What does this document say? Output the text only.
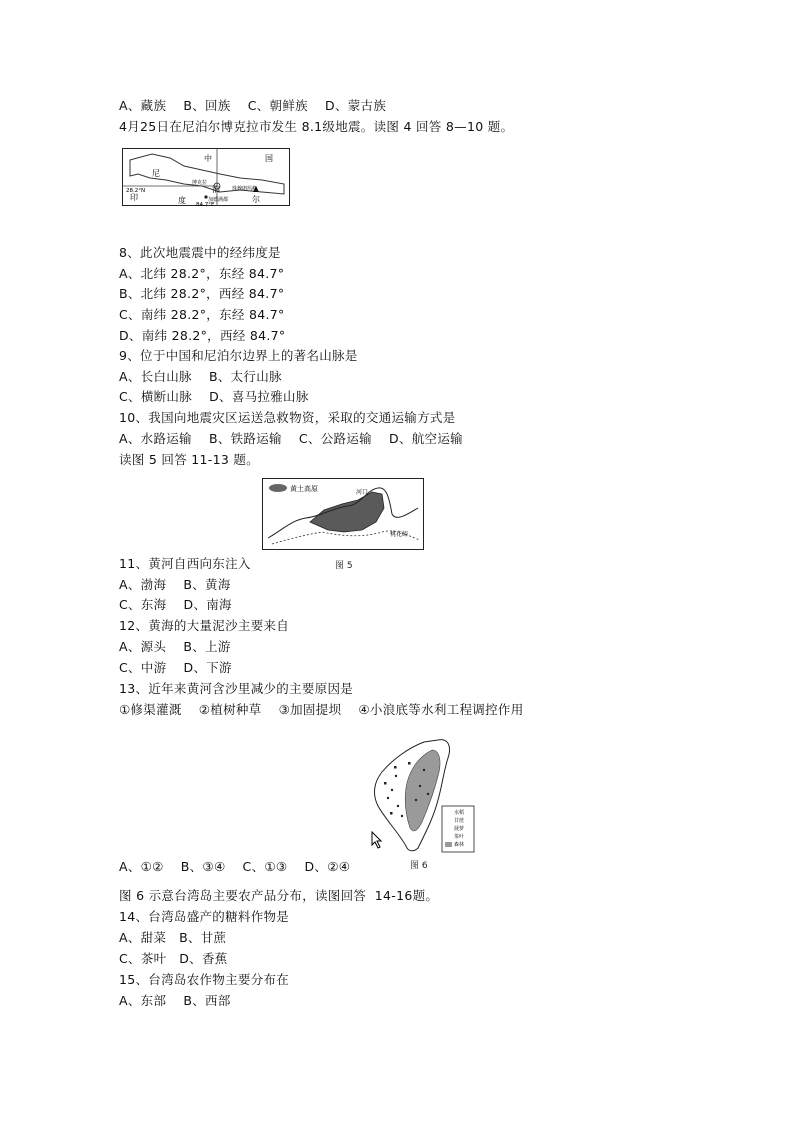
A、藏族    B、回族    C、朝鲜族    D、蒙古族
4月25日在尼泊尔博克拉市发生 8.1级地震。读图 4 回答 8—10 题。
中	国
尼
泊
尔
印	度
博克拉
加德满都
珠穆朗玛峰
28.2°N
84.7°E
8、此次地震震中的经纬度是
A、北纬 28.2°，东经 84.7°
B、北纬 28.2°，西经 84.7°
C、南纬 28.2°，东经 84.7°
D、南纬 28.2°，西经 84.7°
9、位于中国和尼泊尔边界上的著名山脉是
A、长白山脉    B、太行山脉
C、横断山脉    D、喜马拉雅山脉
10、我国向地震灾区运送急救物资，采取的交通运输方式是
A、水路运输    B、铁路运输    C、公路运输    D、航空运输
读图 5 回答 11-13 题。
黄土高原	河口
桃花峪
图 5
11、黄河自西向东注入
A、渤海    B、黄海
C、东海    D、南海
12、黄海的大量泥沙主要来自
A、源头    B、上游
C、中游    D、下游
13、近年来黄河含沙里减少的主要原因是
①修渠灌溉    ②植树种草    ③加固提坝    ④小浪底等水利工程调控作用
水稻
甘蔗
菠萝
茶叶
森林
图 6
A、①②    B、③④    C、①③    D、②④
图 6 示意台湾岛主要农产品分布，读图回答  14-16题。
14、台湾岛盛产的糖料作物是
A、甜菜   B、甘蔗
C、茶叶   D、香蕉
15、台湾岛农作物主要分布在
A、东部    B、西部
